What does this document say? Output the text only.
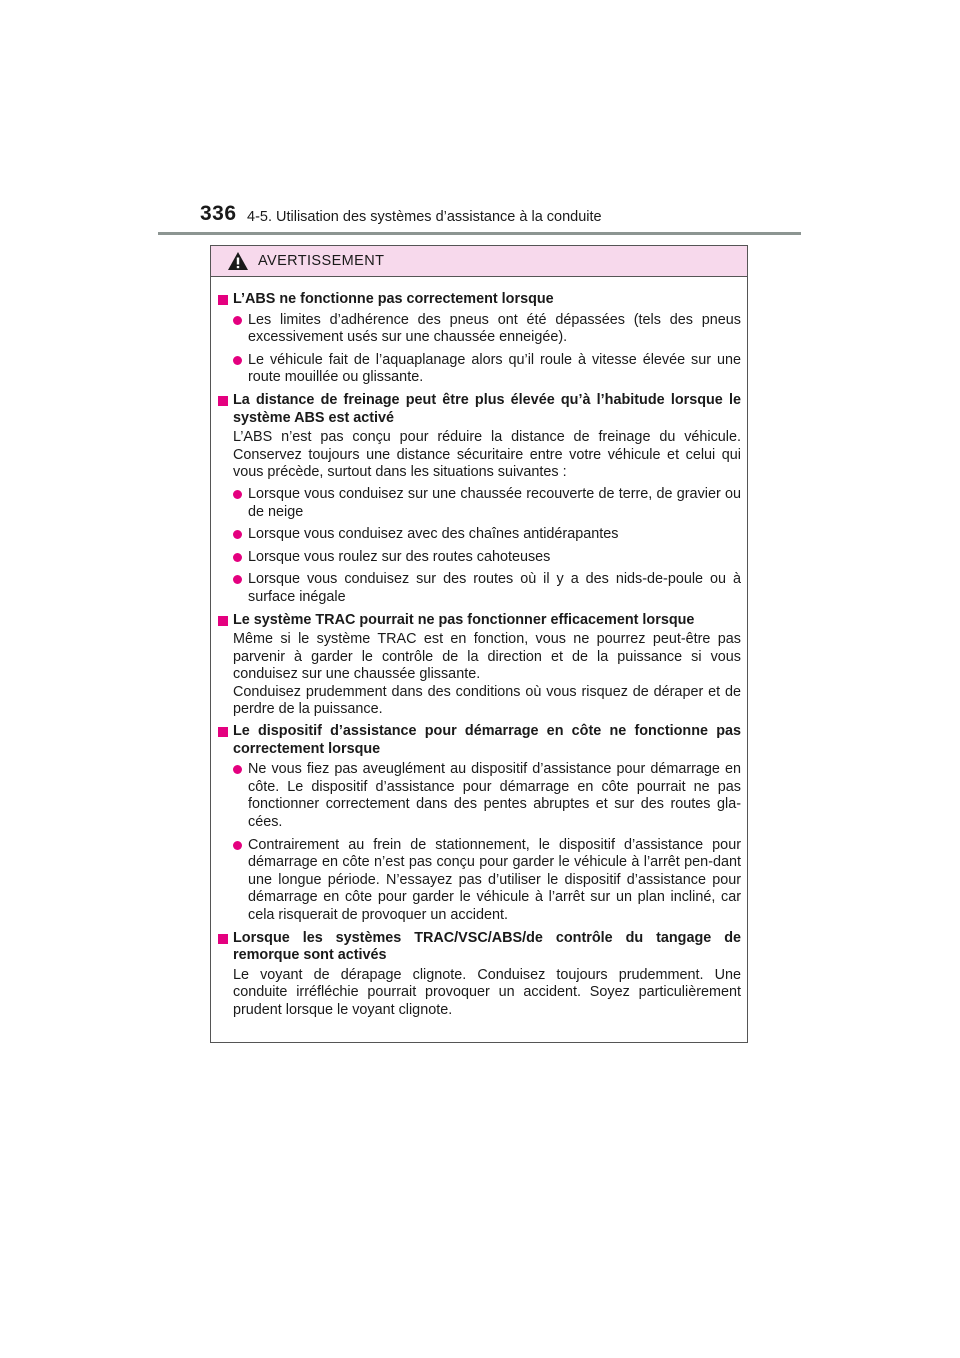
336 4-5. Utilisation des systèmes d’assistance à la conduite
AVERTISSEMENT
L’ABS ne fonctionne pas correctement lorsque
Les limites d’adhérence des pneus ont été dépassées (tels des pneus excessivement usés sur une chaussée enneigée).
Le véhicule fait de l’aquaplanage alors qu’il roule à vitesse élevée sur une route mouillée ou glissante.
La distance de freinage peut être plus élevée qu’à l’habitude lorsque le système ABS est activé
L’ABS n’est pas conçu pour réduire la distance de freinage du véhicule. Conservez toujours une distance sécuritaire entre votre véhicule et celui qui vous précède, surtout dans les situations suivantes :
Lorsque vous conduisez sur une chaussée recouverte de terre, de gravier ou de neige
Lorsque vous conduisez avec des chaînes antidérapantes
Lorsque vous roulez sur des routes cahoteuses
Lorsque vous conduisez sur des routes où il y a des nids-de-poule ou à surface inégale
Le système TRAC pourrait ne pas fonctionner efficacement lorsque
Même si le système TRAC est en fonction, vous ne pourrez peut-être pas parvenir à garder le contrôle de la direction et de la puissance si vous conduisez sur une chaussée glissante.
Conduisez prudemment dans des conditions où vous risquez de déraper et de perdre de la puissance.
Le dispositif d’assistance pour démarrage en côte ne fonctionne pas correctement lorsque
Ne vous fiez pas aveuglément au dispositif d’assistance pour démarrage en côte. Le dispositif d’assistance pour démarrage en côte pourrait ne pas fonctionner correctement dans des pentes abruptes et sur des routes gla-cées.
Contrairement au frein de stationnement, le dispositif d’assistance pour démarrage en côte n’est pas conçu pour garder le véhicule à l’arrêt pen-dant une longue période. N’essayez pas d’utiliser le dispositif d’assistance pour démarrage en côte pour garder le véhicule à l’arrêt sur un plan incliné, car cela risquerait de provoquer un accident.
Lorsque les systèmes TRAC/VSC/ABS/de contrôle du tangage de remorque sont activés
Le voyant de dérapage clignote. Conduisez toujours prudemment. Une conduite irréfléchie pourrait provoquer un accident. Soyez particulièrement prudent lorsque le voyant clignote.
